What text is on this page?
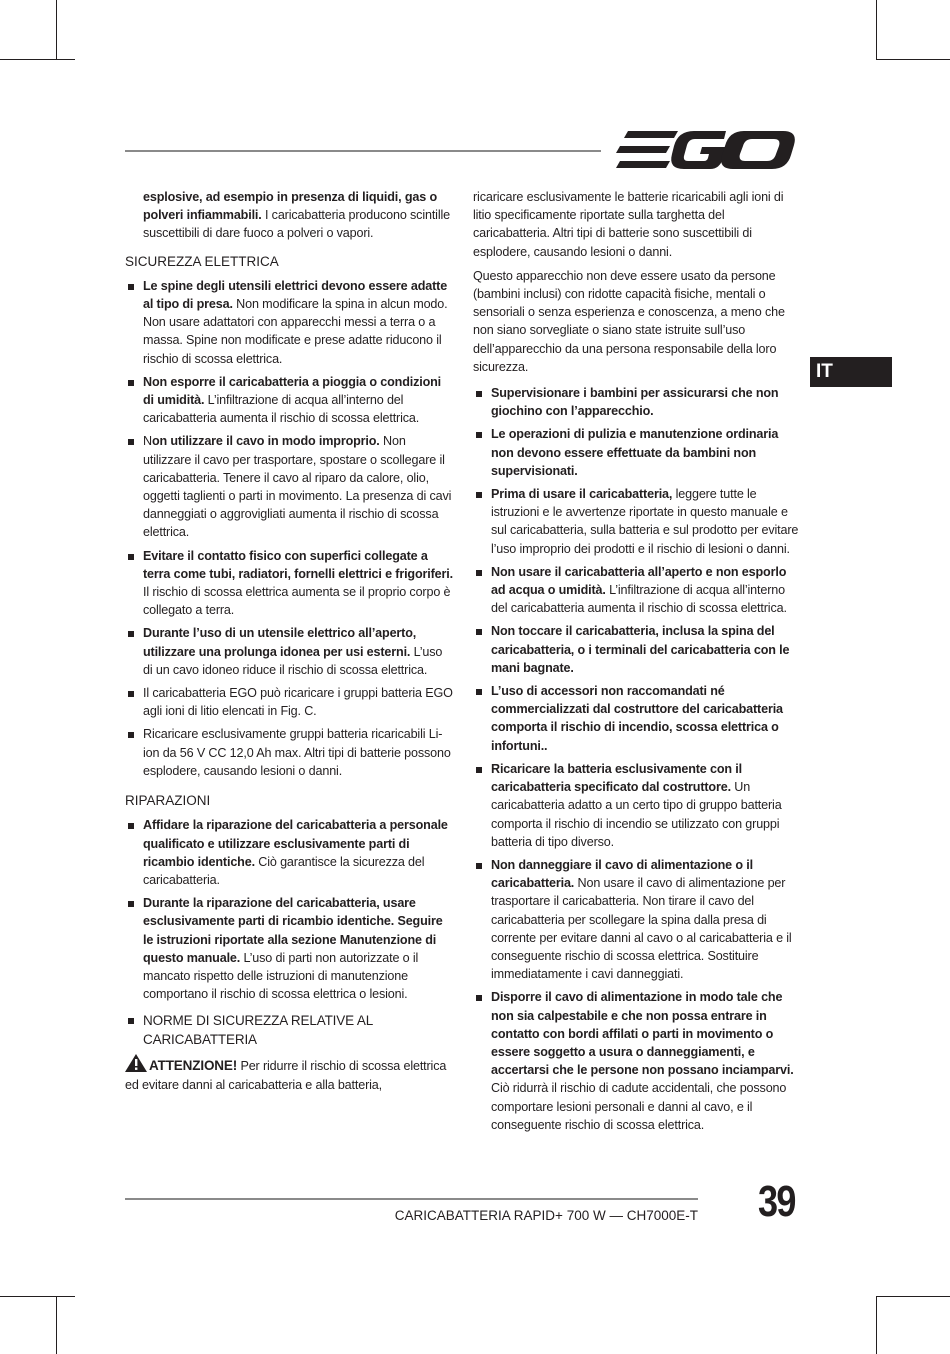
IT

esplosive, ad esempio in presenza di liquidi, gas o polveri infiammabili. I caricabatteria producono scintille suscettibili di dare fuoco a polveri o vapori.

SICUREZZA ELETTRICA
Le spine degli utensili elettrici devono essere adatte al tipo di presa. Non modificare la spina in alcun modo. Non usare adattatori con apparecchi messi a terra o a massa. Spine non modificate e prese adatte riducono il rischio di scossa elettrica.
Non esporre il caricabatteria a pioggia o condizioni di umidità. L’infiltrazione di acqua all’interno del caricabatteria aumenta il rischio di scossa elettrica.
Non utilizzare il cavo in modo improprio. Non utilizzare il cavo per trasportare, spostare o scollegare il caricabatteria. Tenere il cavo al riparo da calore, olio, oggetti taglienti o parti in movimento. La presenza di cavi danneggiati o aggrovigliati aumenta il rischio di scossa elettrica.
Evitare il contatto fisico con superfici collegate a terra come tubi, radiatori, fornelli elettrici e frigoriferi. Il rischio di scossa elettrica aumenta se il proprio corpo è collegato a terra.
Durante l’uso di un utensile elettrico all’aperto, utilizzare una prolunga idonea per usi esterni. L’uso di un cavo idoneo riduce il rischio di scossa elettrica.
Il caricabatteria EGO può ricaricare i gruppi batteria EGO agli ioni di litio elencati in Fig. C.
Ricaricare esclusivamente gruppi batteria ricaricabili Li-ion da 56 V CC 12,0 Ah max. Altri tipi di batterie possono esplodere, causando lesioni o danni.
RIPARAZIONI
Affidare la riparazione del caricabatteria a personale qualificato e utilizzare esclusivamente parti di ricambio identiche. Ciò garantisce la sicurezza del caricabatteria.
Durante la riparazione del caricabatteria, usare esclusivamente parti di ricambio identiche. Seguire le istruzioni riportate alla sezione Manutenzione di questo manuale. L’uso di parti non autorizzate o il mancato rispetto delle istruzioni di manutenzione comportano il rischio di scossa elettrica o lesioni.
NORME DI SICUREZZA RELATIVE AL CARICABATTERIA

ATTENZIONE! Per ridurre il rischio di scossa elettrica ed evitare danni al caricabatteria e alla batteria,

ricaricare esclusivamente le batterie ricaricabili agli ioni di litio specificamente riportate sulla targhetta del caricabatteria. Altri tipi di batterie sono suscettibili di esplodere, causando lesioni o danni.

Questo apparecchio non deve essere usato da persone (bambini inclusi) con ridotte capacità fisiche, mentali o sensoriali o senza esperienza e conoscenza, a meno che non siano sorvegliate o siano state istruite sull’uso dell’apparecchio da una persona responsabile della loro sicurezza.

Supervisionare i bambini per assicurarsi che non giochino con l’apparecchio.
Le operazioni di pulizia e manutenzione ordinaria non devono essere effettuate da bambini non supervisionati.
Prima di usare il caricabatteria, leggere tutte le istruzioni e le avvertenze riportate in questo manuale e sul caricabatteria, sulla batteria e sul prodotto per evitare l’uso improprio dei prodotti e il rischio di lesioni o danni.
Non usare il caricabatteria all’aperto e non esporlo ad acqua o umidità. L’infiltrazione di acqua all’interno del caricabatteria aumenta il rischio di scossa elettrica.
Non toccare il caricabatteria, inclusa la spina del caricabatteria, o i terminali del caricabatteria con le mani bagnate.
L’uso di accessori non raccomandati né commercializzati dal costruttore del caricabatteria comporta il rischio di incendio, scossa elettrica o infortuni..
Ricaricare la batteria esclusivamente con il caricabatteria specificato dal costruttore. Un caricabatteria adatto a un certo tipo di gruppo batteria comporta il rischio di incendio se utilizzato con gruppi batteria di tipo diverso.
Non danneggiare il cavo di alimentazione o il caricabatteria. Non usare il cavo di alimentazione per trasportare il caricabatteria. Non tirare il cavo del caricabatteria per scollegare la spina dalla presa di corrente per evitare danni al cavo o al caricabatteria e il conseguente rischio di scossa elettrica. Sostituire immediatamente i cavi danneggiati.
Disporre il cavo di alimentazione in modo tale che non sia calpestabile e che non possa entrare in contatto con bordi affilati o parti in movimento o essere soggetto a usura o danneggiamenti, e accertarsi che le persone non possano inciamparvi. Ciò ridurrà il rischio di cadute accidentali, che possono comportare lesioni personali e danni al cavo, e il conseguente rischio di scossa elettrica.
CARICABATTERIA RAPID+ 700 W — CH7000E-T 39
